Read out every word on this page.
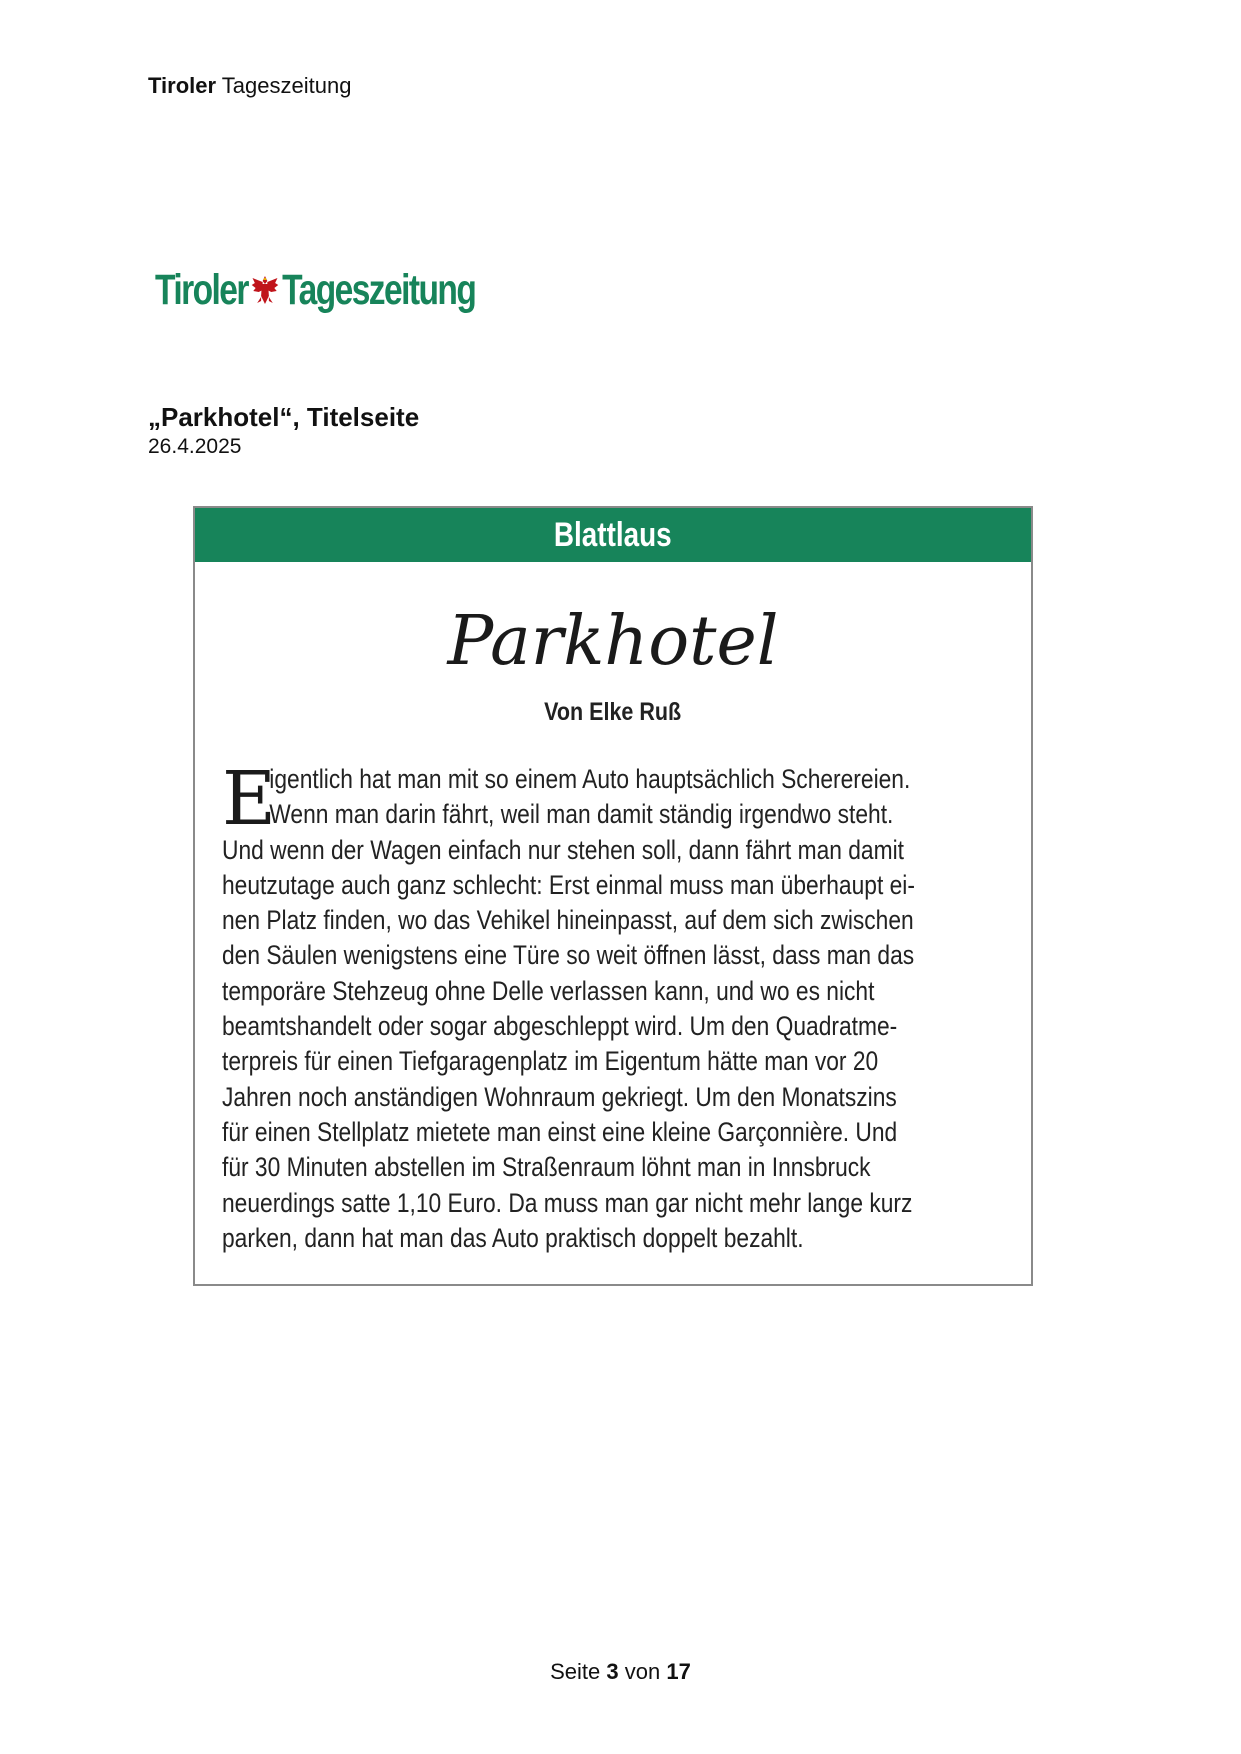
Tiroler Tageszeitung
Tiroler Tageszeitung
„Parkhotel“, Titelseite
26.4.2025
Blattlaus
Parkhotel
Von Elke Ruß
E
igentlich hat man mit so einem Auto hauptsächlich Scherereien.
Wenn man darin fährt, weil man damit ständig irgendwo steht.
Und wenn der Wagen einfach nur stehen soll, dann fährt man damit
heutzutage auch ganz schlecht: Erst einmal muss man überhaupt ei-
nen Platz finden, wo das Vehikel hineinpasst, auf dem sich zwischen
den Säulen wenigstens eine Türe so weit öffnen lässt, dass man das
temporäre Stehzeug ohne Delle verlassen kann, und wo es nicht
beamtshandelt oder sogar abgeschleppt wird. Um den Quadratme-
terpreis für einen Tiefgaragenplatz im Eigentum hätte man vor 20
Jahren noch anständigen Wohnraum gekriegt. Um den Monatszins
für einen Stellplatz mietete man einst eine kleine Garçonnière. Und
für 30 Minuten abstellen im Straßenraum löhnt man in Innsbruck
neuerdings satte 1,10 Euro. Da muss man gar nicht mehr lange kurz
parken, dann hat man das Auto praktisch doppelt bezahlt.
Seite 3 von 17
